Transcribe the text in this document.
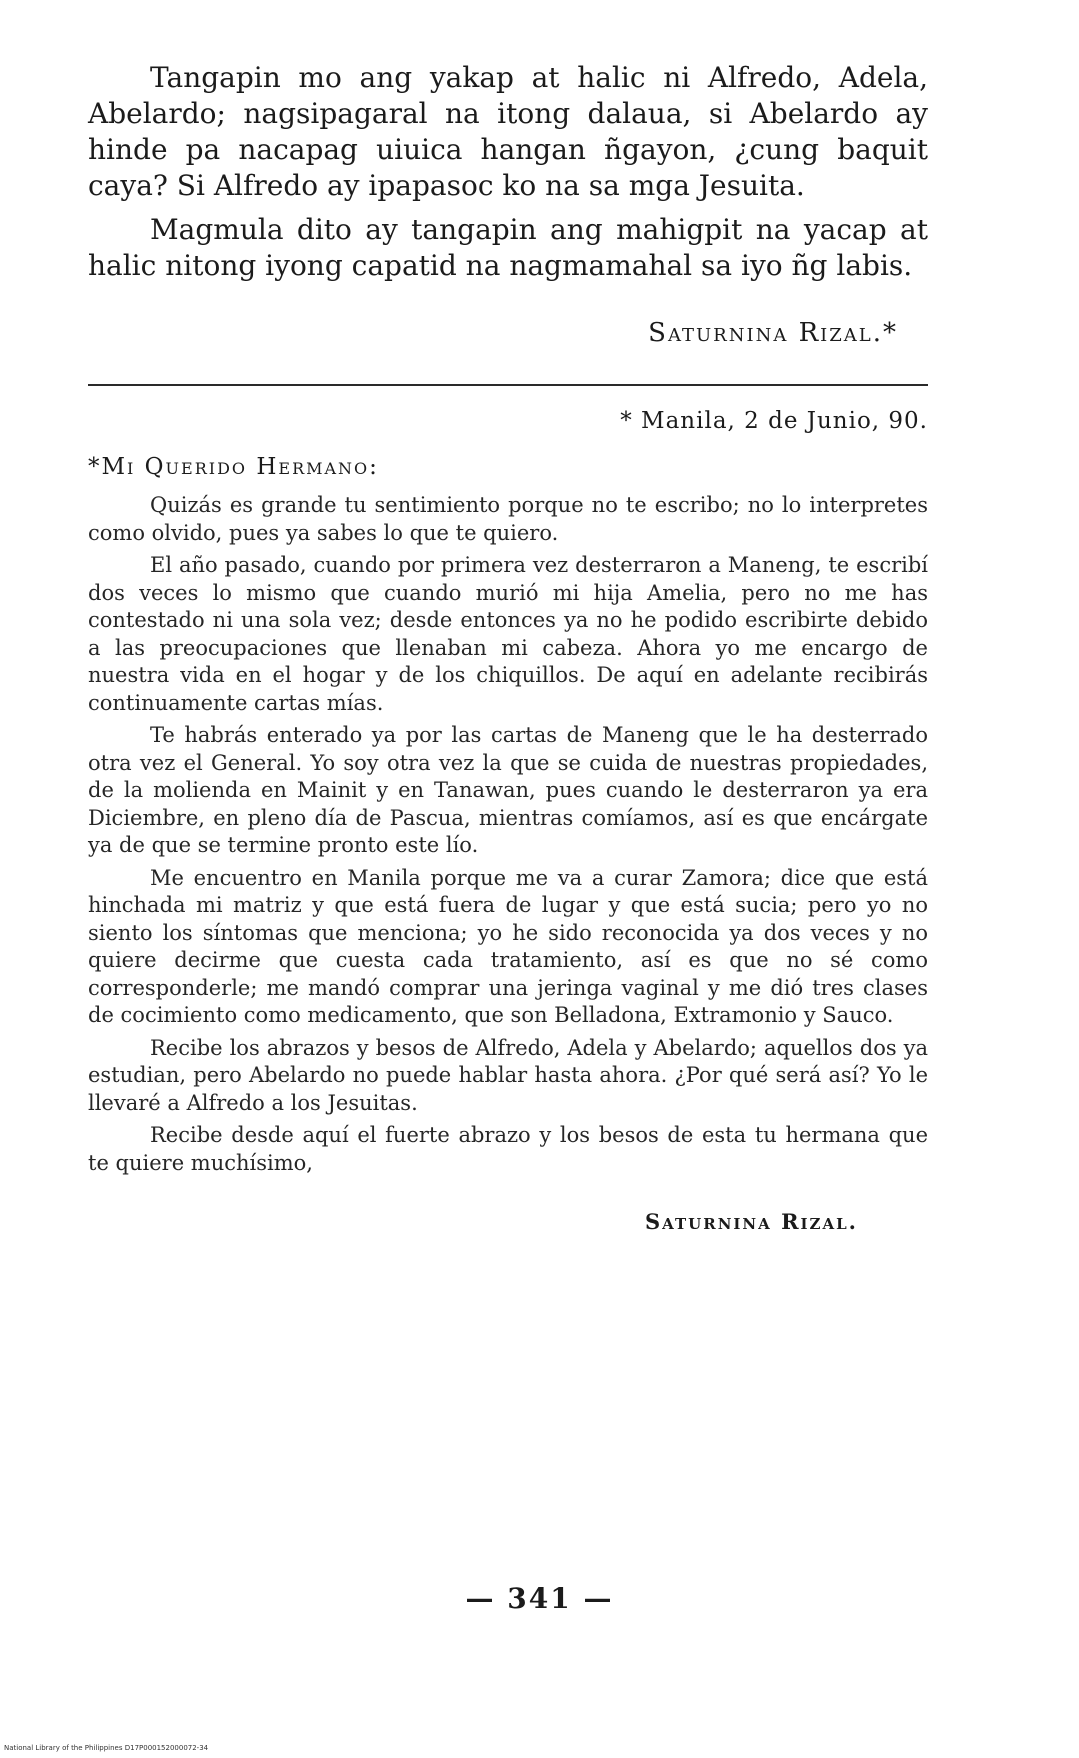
Tangapin mo ang yakap at halic ni Alfredo, Adela, Abelardo; nagsipagaral na itong dalaua, si Abelardo ay hinde pa nacapag uiuica hangan ñgayon, ¿cung baquit caya? Si Alfredo ay ipapasoc ko na sa mga Jesuita.

Magmula dito ay tangapin ang mahigpit na yacap at halic nitong iyong capatid na nagmamahal sa iyo ñg labis.

Saturnina Rizal.*
* Manila, 2 de Junio, 90.
*Mi Querido Hermano:

Quizás es grande tu sentimiento porque no te escribo; no lo interpretes como olvido, pues ya sabes lo que te quiero.

El año pasado, cuando por primera vez desterraron a Maneng, te escribí dos veces lo mismo que cuando murió mi hija Amelia, pero no me has contestado ni una sola vez; desde entonces ya no he podido escribirte debido a las preocupaciones que llenaban mi cabeza. Ahora yo me encargo de nuestra vida en el hogar y de los chiquillos. De aquí en adelante recibirás continuamente cartas mías.

Te habrás enterado ya por las cartas de Maneng que le ha desterrado otra vez el General. Yo soy otra vez la que se cuida de nuestras propiedades, de la molienda en Mainit y en Tanawan, pues cuando le desterraron ya era Diciembre, en pleno día de Pascua, mientras comíamos, así es que encárgate ya de que se termine pronto este lío.

Me encuentro en Manila porque me va a curar Zamora; dice que está hinchada mi matriz y que está fuera de lugar y que está sucia; pero yo no siento los síntomas que menciona; yo he sido reconocida ya dos veces y no quiere decirme que cuesta cada tratamiento, así es que no sé como corresponderle; me mandó comprar una jeringa vaginal y me dió tres clases de cocimiento como medicamento, que son Belladona, Extramonio y Sauco.

Recibe los abrazos y besos de Alfredo, Adela y Abelardo; aquellos dos ya estudian, pero Abelardo no puede hablar hasta ahora. ¿Por qué será así? Yo le llevaré a Alfredo a los Jesuitas.

Recibe desde aquí el fuerte abrazo y los besos de esta tu hermana que te quiere muchísimo,

Saturnina Rizal.
— 341 —
National Library of the Philippines D17P000152000072-34
